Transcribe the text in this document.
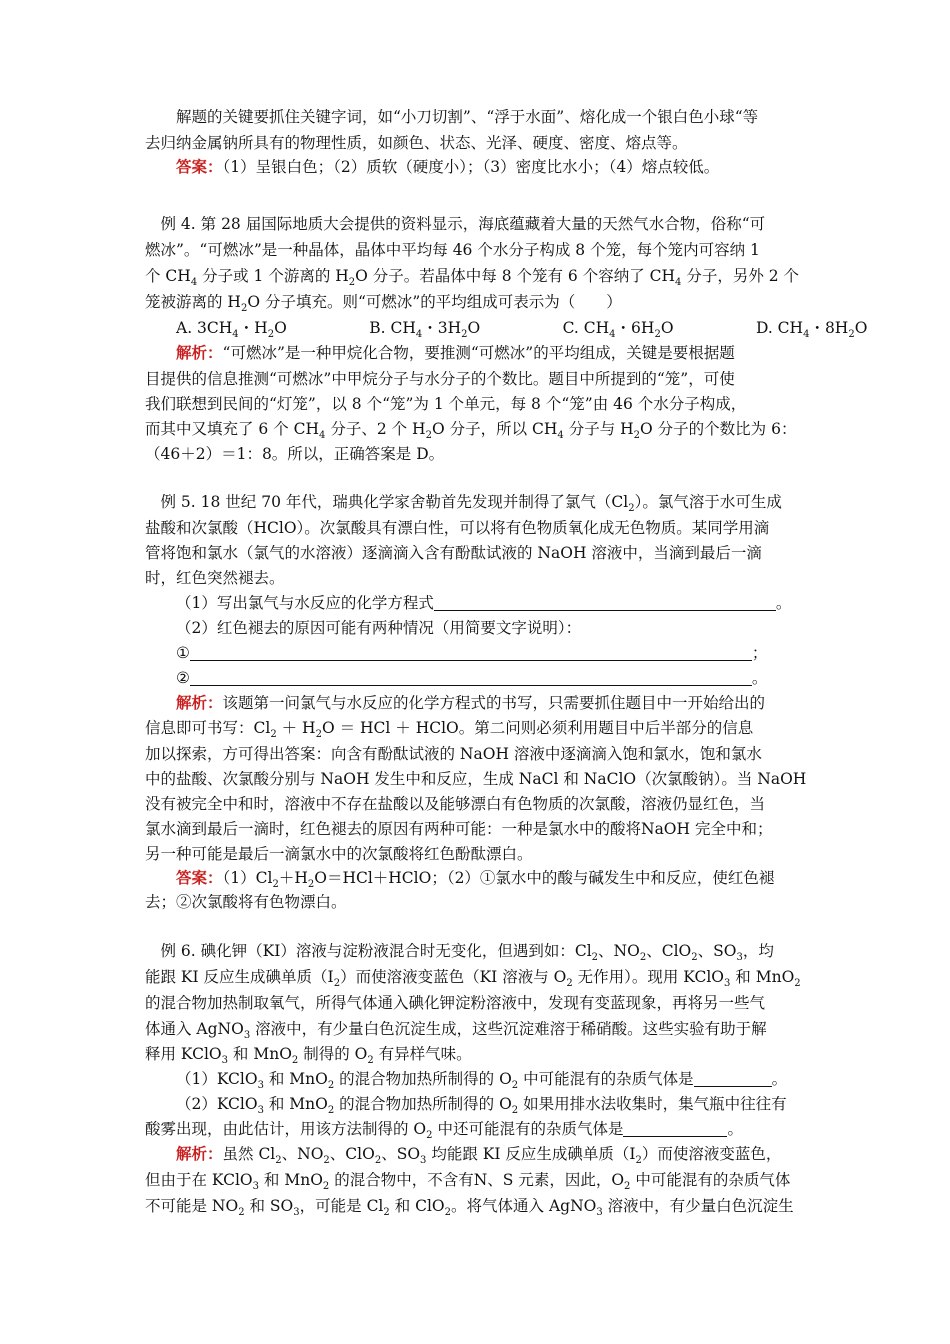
解题的关键要抓住关键字词，如“小刀切割”、“浮于水面”、熔化成一个银白色小球“等
去归纳金属钠所具有的物理性质，如颜色、状态、光泽、硬度、密度、熔点等。
答案：（1）呈银白色；（2）质软（硬度小）；（3）密度比水小；（4）熔点较低。
　例 4. 第 28 届国际地质大会提供的资料显示，海底蕴藏着大量的天然气水合物，俗称“可
燃冰”。“可燃冰”是一种晶体，晶体中平均每 46 个水分子构成 8 个笼，每个笼内可容纳 1
个 $CH_4$ 分子或 1 个游离的 $H_2O$ 分子。若晶体中每 8 个笼有 6 个容纳了 $CH_4$ 分子，另外 2 个
笼被游离的 $H_2O$ 分子填充。则“可燃冰”的平均组成可表示为（　　）
A. $3CH_4$・$H_2O$　　　　　 B. $CH_4$・$3H_2O$　　　　　 C. $CH_4$・$6H_2O$　　　　　 D. $CH_4$・$8H_2O$
解析：“可燃冰”是一种甲烷化合物，要推测“可燃冰”的平均组成，关键是要根据题
目提供的信息推测“可燃冰”中甲烷分子与水分子的个数比。题目中所提到的“笼”，可使
我们联想到民间的“灯笼”，以 8 个“笼”为 1 个单元，每 8 个“笼”由 46 个水分子构成，
而其中又填充了 6 个 $CH_4$ 分子、2 个 $H_2O$ 分子，所以 $CH_4$ 分子与 $H_2O$ 分子的个数比为 6：
（46＋2）＝1：8。所以，正确答案是 D。
　例 5. 18 世纪 70 年代，瑞典化学家舍勒首先发现并制得了氯气$(Cl_2)$。氯气溶于水可生成
盐酸和次氯酸（HClO）。次氯酸具有漂白性，可以将有色物质氧化成无色物质。某同学用滴
管将饱和氯水（氯气的水溶液）逐滴滴入含有酚酞试液的 NaOH 溶液中，当滴到最后一滴
时，红色突然褪去。
（1）写出氯气与水反应的化学方程式	。
（2）红色褪去的原因可能有两种情况（用简要文字说明）：
①	；
②	。
解析：该题第一问氯气与水反应的化学方程式的书写，只需要抓住题目中一开始给出的
信息即可书写：$Cl_2 + H_2O$ ＝ HCl ＋ HClO。第二问则必须利用题目中后半部分的信息
加以探索，方可得出答案：向含有酚酞试液的 NaOH 溶液中逐滴滴入饱和氯水，饱和氯水
中的盐酸、次氯酸分别与 NaOH 发生中和反应，生成 NaCl 和 NaClO（次氯酸钠）。当 NaOH
没有被完全中和时，溶液中不存在盐酸以及能够漂白有色物质的次氯酸，溶液仍显红色，当
氯水滴到最后一滴时，红色褪去的原因有两种可能：一种是氯水中的酸将NaOH 完全中和；
另一种可能是最后一滴氯水中的次氯酸将红色酚酞漂白。
答案：$(1)Cl_2+H_2O=HCl+HClO$；（2）①氯水中的酸与碱发生中和反应，使红色褪
去；②次氯酸将有色物漂白。
　例 6. 碘化钾（KI）溶液与淀粉液混合时无变化，但遇到如：$Cl_2$、$NO_2$、ClO$_2$、$SO_3$，均
能跟 KI 反应生成碘单质$(I_2)$而使溶液变蓝色（KI 溶液与 $O_2$ 无作用）。现用 KClO$_3$ 和 MnO$_2$
的混合物加热制取氧气，所得气体通入碘化钾淀粉溶液中，发现有变蓝现象，再将另一些气
体通入 AgNO$_3$ 溶液中，有少量白色沉淀生成，这些沉淀难溶于稀硝酸。这些实验有助于解
释用 KClO$_3$ 和 MnO$_2$ 制得的 $O_2$ 有异样气味。
（1）KClO$_3$ 和 MnO$_2$ 的混合物加热所制得的 $O_2$ 中可能混有的杂质气体是	。
（2）KClO$_3$ 和 MnO$_2$ 的混合物加热所制得的 $O_2$ 如果用排水法收集时，集气瓶中往往有
酸雾出现，由此估计，用该方法制得的 $O_2$ 中还可能混有的杂质气体是	。
解析：虽然 $Cl_2$、$NO_2$、ClO$_2$、$SO_3$ 均能跟 KI 反应生成碘单质$(I_2)$而使溶液变蓝色，
但由于在 KClO$_3$ 和 MnO$_2$ 的混合物中，不含有N、S 元素，因此，$O_2$ 中可能混有的杂质气体
不可能是 $NO_2$ 和 $SO_3$，可能是 $Cl_2$ 和 ClO$_2$。将气体通入 AgNO$_3$ 溶液中，有少量白色沉淀生
